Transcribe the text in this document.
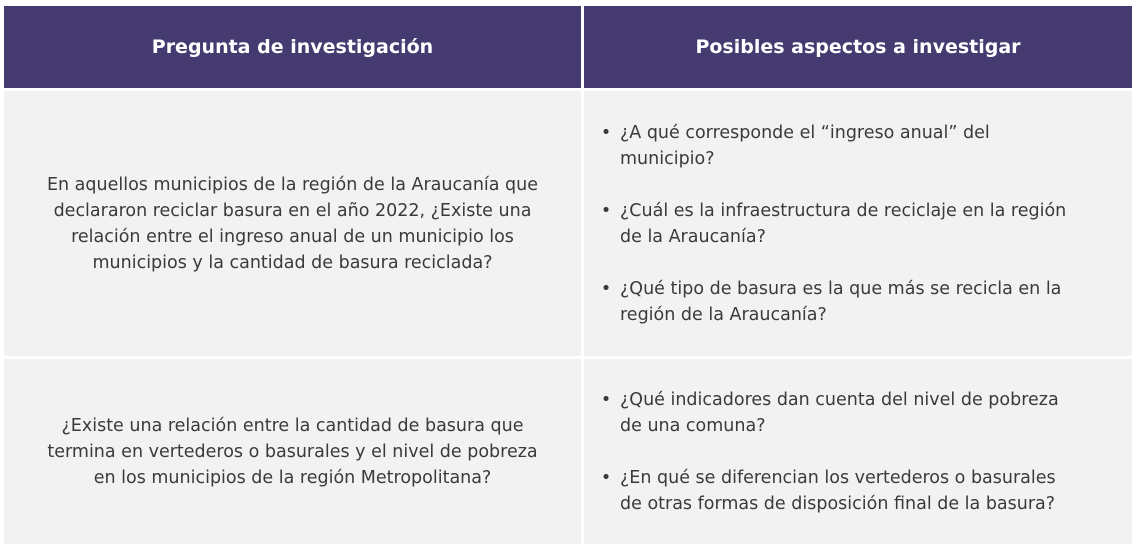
Pregunta de investigación	Posibles aspectos a investigar
En aquellos municipios de la región de la Araucanía que
declararon reciclar basura en el año 2022, ¿Existe una
relación entre el ingreso anual de un municipio los
municipios y la cantidad de basura reciclada?
• ¿A qué corresponde el “ingreso anual” del
municipio?
• ¿Cuál es la infraestructura de reciclaje en la región
de la Araucanía?
• ¿Qué tipo de basura es la que más se recicla en la
región de la Araucanía?
¿Existe una relación entre la cantidad de basura que
termina en vertederos o basurales y el nivel de pobreza
en los municipios de la región Metropolitana?
• ¿Qué indicadores dan cuenta del nivel de pobreza
de una comuna?
• ¿En qué se diferencian los vertederos o basurales
de otras formas de disposición final de la basura?
